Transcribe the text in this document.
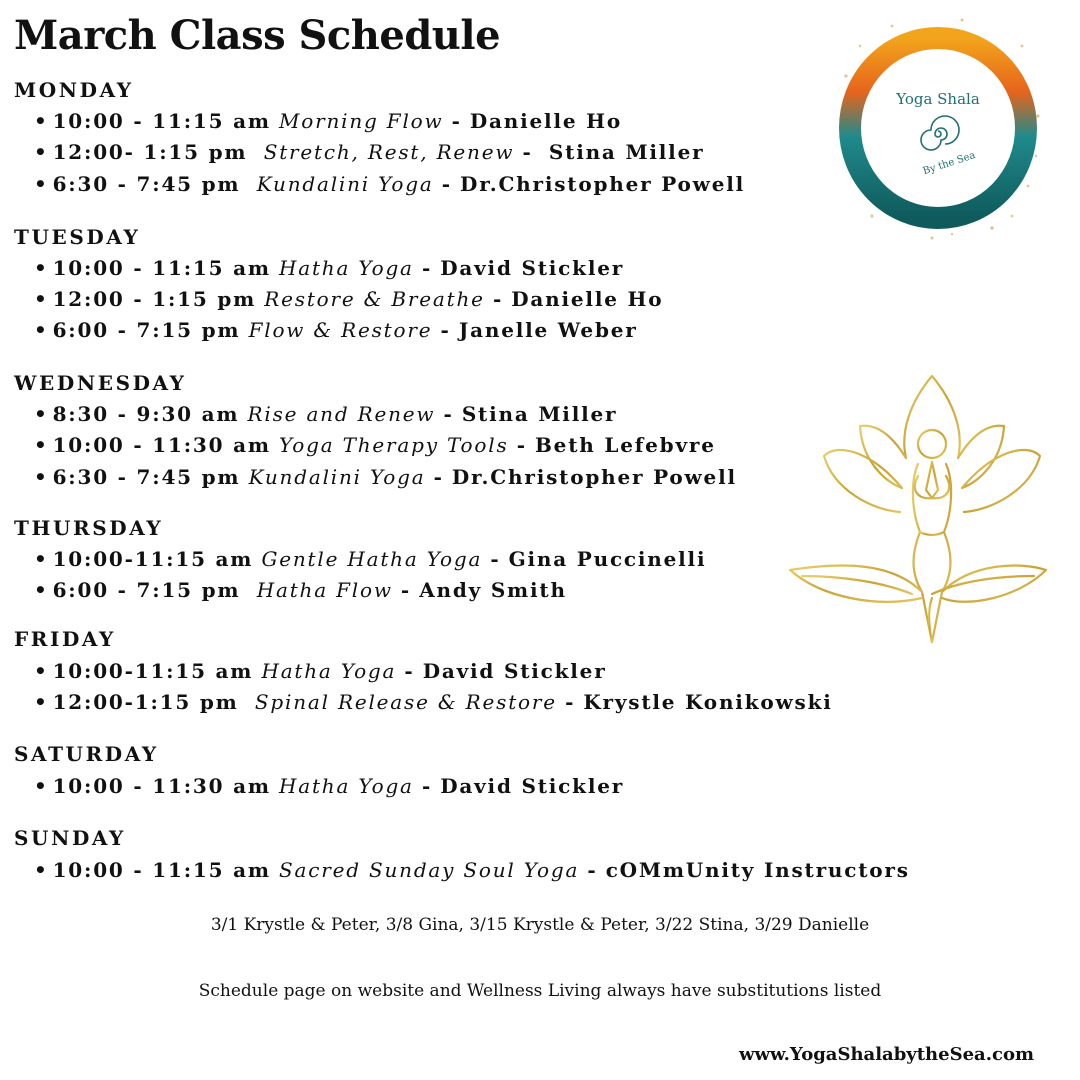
March Class Schedule
MONDAY
• 10:00 - 11:15 am Morning Flow - Danielle Ho
• 12:00- 1:15 pm Stretch, Rest, Renew - Stina Miller
• 6:30 - 7:45 pm Kundalini Yoga - Dr.Christopher Powell
TUESDAY
• 10:00 - 11:15 am Hatha Yoga - David Stickler
• 12:00 - 1:15 pm Restore & Breathe - Danielle Ho
• 6:00 - 7:15 pm Flow & Restore - Janelle Weber
WEDNESDAY
• 8:30 - 9:30 am Rise and Renew - Stina Miller
• 10:00 - 11:30 am Yoga Therapy Tools - Beth Lefebvre
• 6:30 - 7:45 pm Kundalini Yoga - Dr.Christopher Powell
THURSDAY
• 10:00-11:15 am Gentle Hatha Yoga - Gina Puccinelli
• 6:00 - 7:15 pm Hatha Flow - Andy Smith
FRIDAY
• 10:00-11:15 am Hatha Yoga - David Stickler
• 12:00-1:15 pm Spinal Release & Restore - Krystle Konikowski
SATURDAY
• 10:00 - 11:30 am Hatha Yoga - David Stickler
SUNDAY
• 10:00 - 11:15 am Sacred Sunday Soul Yoga - cOMmUnity Instructors
3/1 Krystle & Peter, 3/8 Gina, 3/15 Krystle & Peter, 3/22 Stina, 3/29 Danielle
Schedule page on website and Wellness Living always have substitutions listed
www.YogaShalabytheSea.com
Yoga Shala
By the Sea
